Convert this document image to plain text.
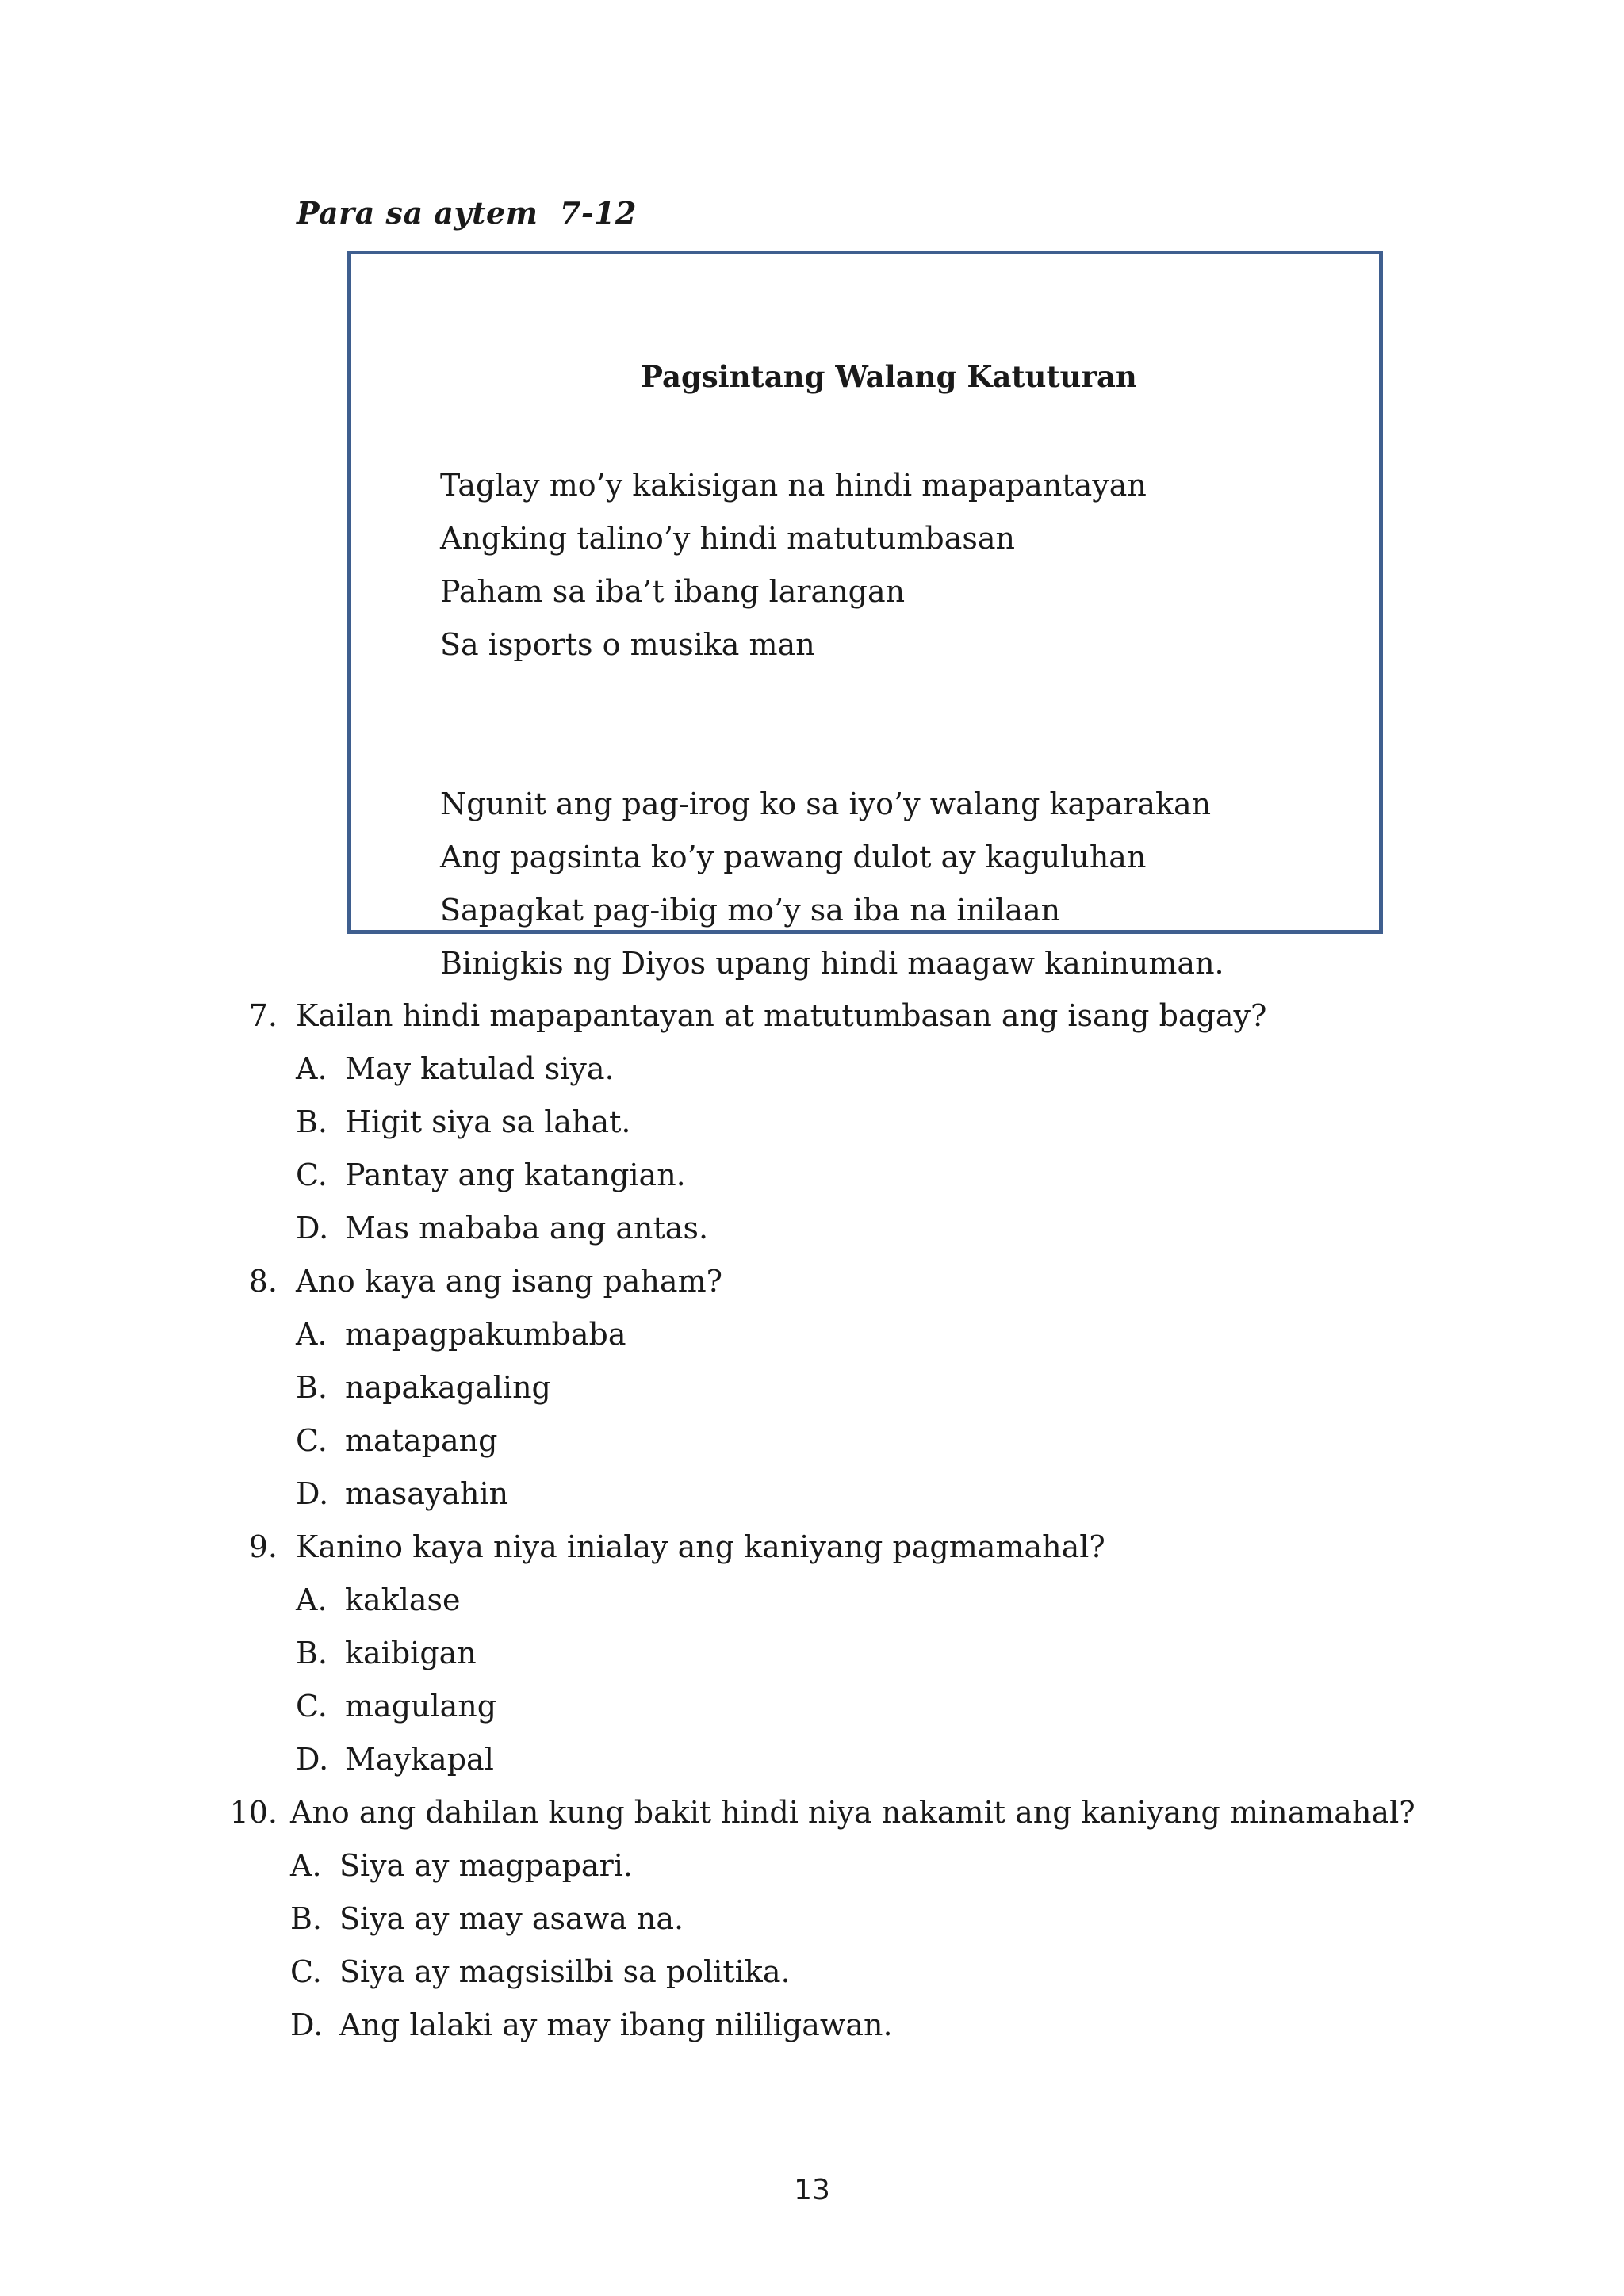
Para sa aytem  7-12
Pagsintang Walang Katuturan
Taglay mo’y kakisigan na hindi mapapantayan
Angking talino’y hindi matutumbasan
Paham sa iba’t ibang larangan
Sa isports o musika man
Ngunit ang pag-irog ko sa iyo’y walang kaparakan
Ang pagsinta ko’y pawang dulot ay kaguluhan
Sapagkat pag-ibig mo’y sa iba na inilaan
Binigkis ng Diyos upang hindi maagaw kaninuman.
7. Kailan hindi mapapantayan at matutumbasan ang isang bagay?
A. May katulad siya.
B. Higit siya sa lahat.
C. Pantay ang katangian.
D. Mas mababa ang antas.
8. Ano kaya ang isang paham?
A. mapagpakumbaba
B. napakagaling
C. matapang
D. masayahin
9. Kanino kaya niya inialay ang kaniyang pagmamahal?
A. kaklase
B. kaibigan
C. magulang
D. Maykapal
10. Ano ang dahilan kung bakit hindi niya nakamit ang kaniyang minamahal?
A. Siya ay magpapari.
B. Siya ay may asawa na.
C. Siya ay magsisilbi sa politika.
D. Ang lalaki ay may ibang nililigawan.
13
